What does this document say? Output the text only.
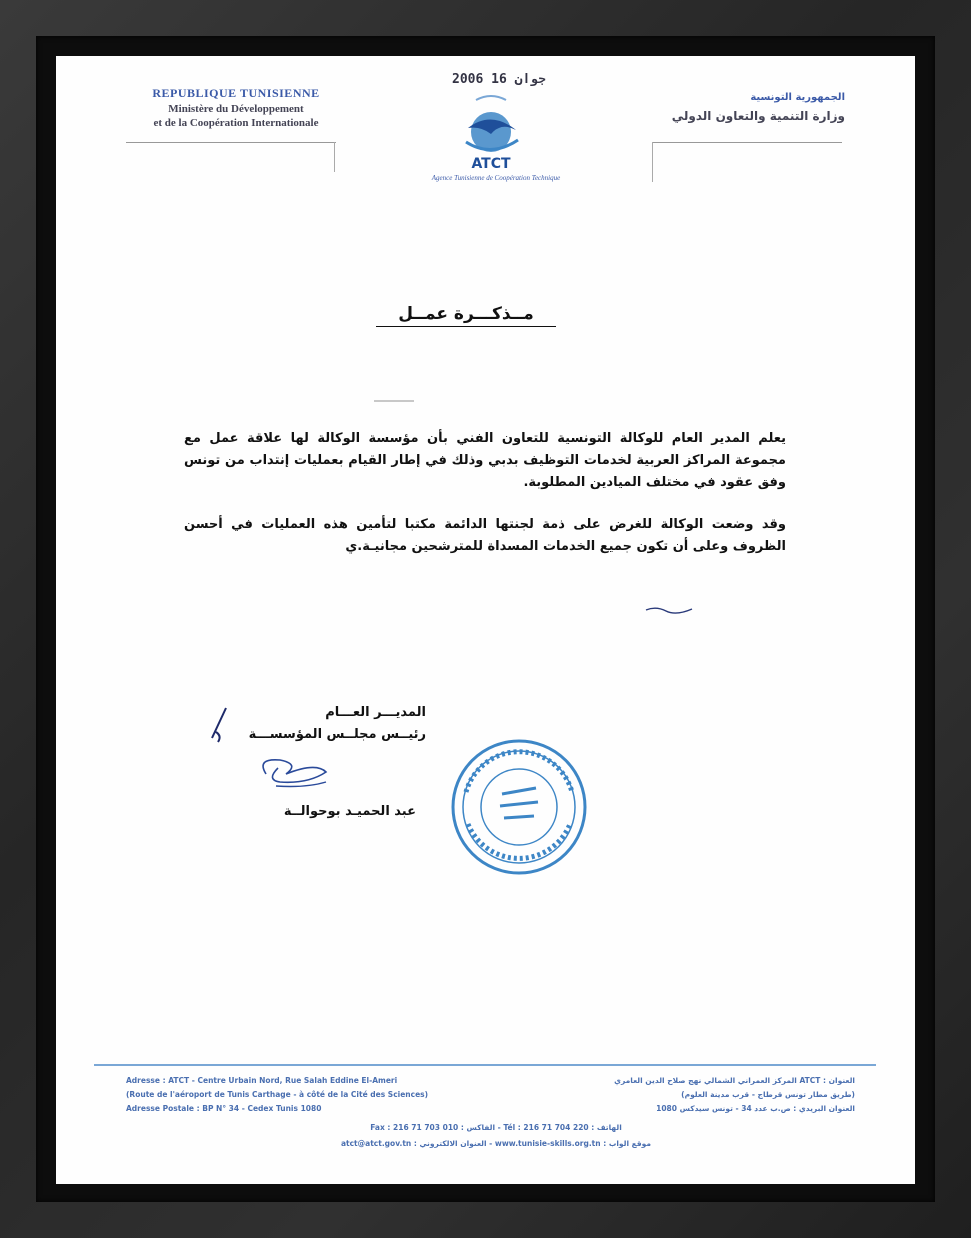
REPUBLIQUE TUNISIENNE
Ministère du Développement
et de la Coopération Internationale
الجمهورية التونسية
وزارة التنمية والتعاون الدولي
2006 جوان 16
ATCT
Agence Tunisienne de Coopération Technique
مــذكـــرة عمــل

يعلم المدير العام للوكالة التونسية للتعاون الفني بأن مؤسسة الوكالة لها علاقة عمل مع مجموعة المراكز العربية لخدمات التوظيف بدبي وذلك في إطار القيام بعمليات إنتداب من تونس وفق عقود في مختلف الميادين المطلوبة.

وقد وضعت الوكالة للغرض على ذمة لجنتها الدائمة مكتبا لتأمين هذه العمليات في أحسن الظروف وعلى أن تكون جميع الخدمات المسداة للمترشحين مجانيـة.ي

المديـــر العـــام
رئيــس مجلــس المؤسســـة
عبد الحميـد بوحوالــة
Adresse : ATCT - Centre Urbain Nord, Rue Salah Eddine El-Ameri
(Route de l'aéroport de Tunis Carthage - à côté de la Cité des Sciences)
Adresse Postale : BP N° 34 - Cedex Tunis 1080
العنوان : ATCT المركز العمراني الشمالي نهج صلاح الدين العامري
(طريق مطار تونس قرطاج - قرب مدينة العلوم)
العنوان البريدي : ص.ب عدد 34 - تونس سيدكس 1080
Fax : 216 71 703 010 : الفاكس - Tél : 216 71 704 220 : الهاتف
atct@atct.gov.tn : العنوان الالكتروني - www.tunisie-skills.org.tn : موقع الواب
